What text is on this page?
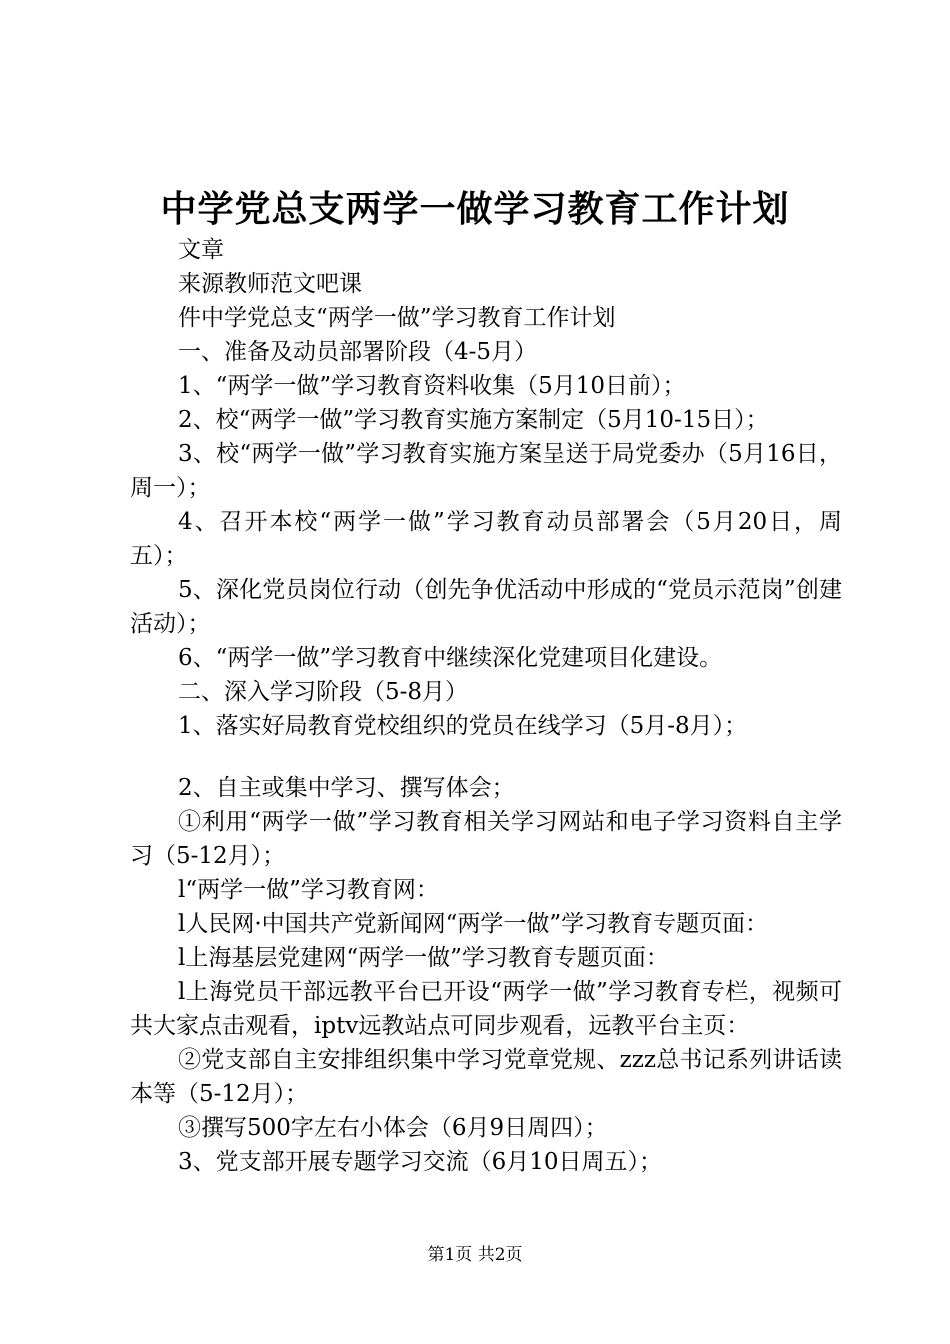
中学党总支两学一做学习教育工作计划

文章

来源教师范文吧课

件中学党总支“两学一做”学习教育工作计划

一、准备及动员部署阶段（4-5月）

1、“两学一做”学习教育资料收集（5月10日前）；

2、校“两学一做”学习教育实施方案制定（5月10-15日）；

3、校“两学一做”学习教育实施方案呈送于局党委办（5月16日，周一）；

4、召开本校“两学一做”学习教育动员部署会（5月20日，周五）；

5、深化党员岗位行动（创先争优活动中形成的“党员示范岗”创建活动）；

6、“两学一做”学习教育中继续深化党建项目化建设。

二、深入学习阶段（5-8月）

1、落实好局教育党校组织的党员在线学习（5月-8月）；

2、自主或集中学习、撰写体会；

①利用“两学一做”学习教育相关学习网站和电子学习资料自主学习（5-12月）；

l“两学一做”学习教育网：

l人民网·中国共产党新闻网“两学一做”学习教育专题页面：

l上海基层党建网“两学一做”学习教育专题页面：

l上海党员干部远教平台已开设“两学一做”学习教育专栏，视频可共大家点击观看，iptv远教站点可同步观看，远教平台主页：

②党支部自主安排组织集中学习党章党规、zzz总书记系列讲话读本等（5-12月）；

③撰写500字左右小体会（6月9日周四）；

3、党支部开展专题学习交流（6月10日周五）；

第1页 共2页
